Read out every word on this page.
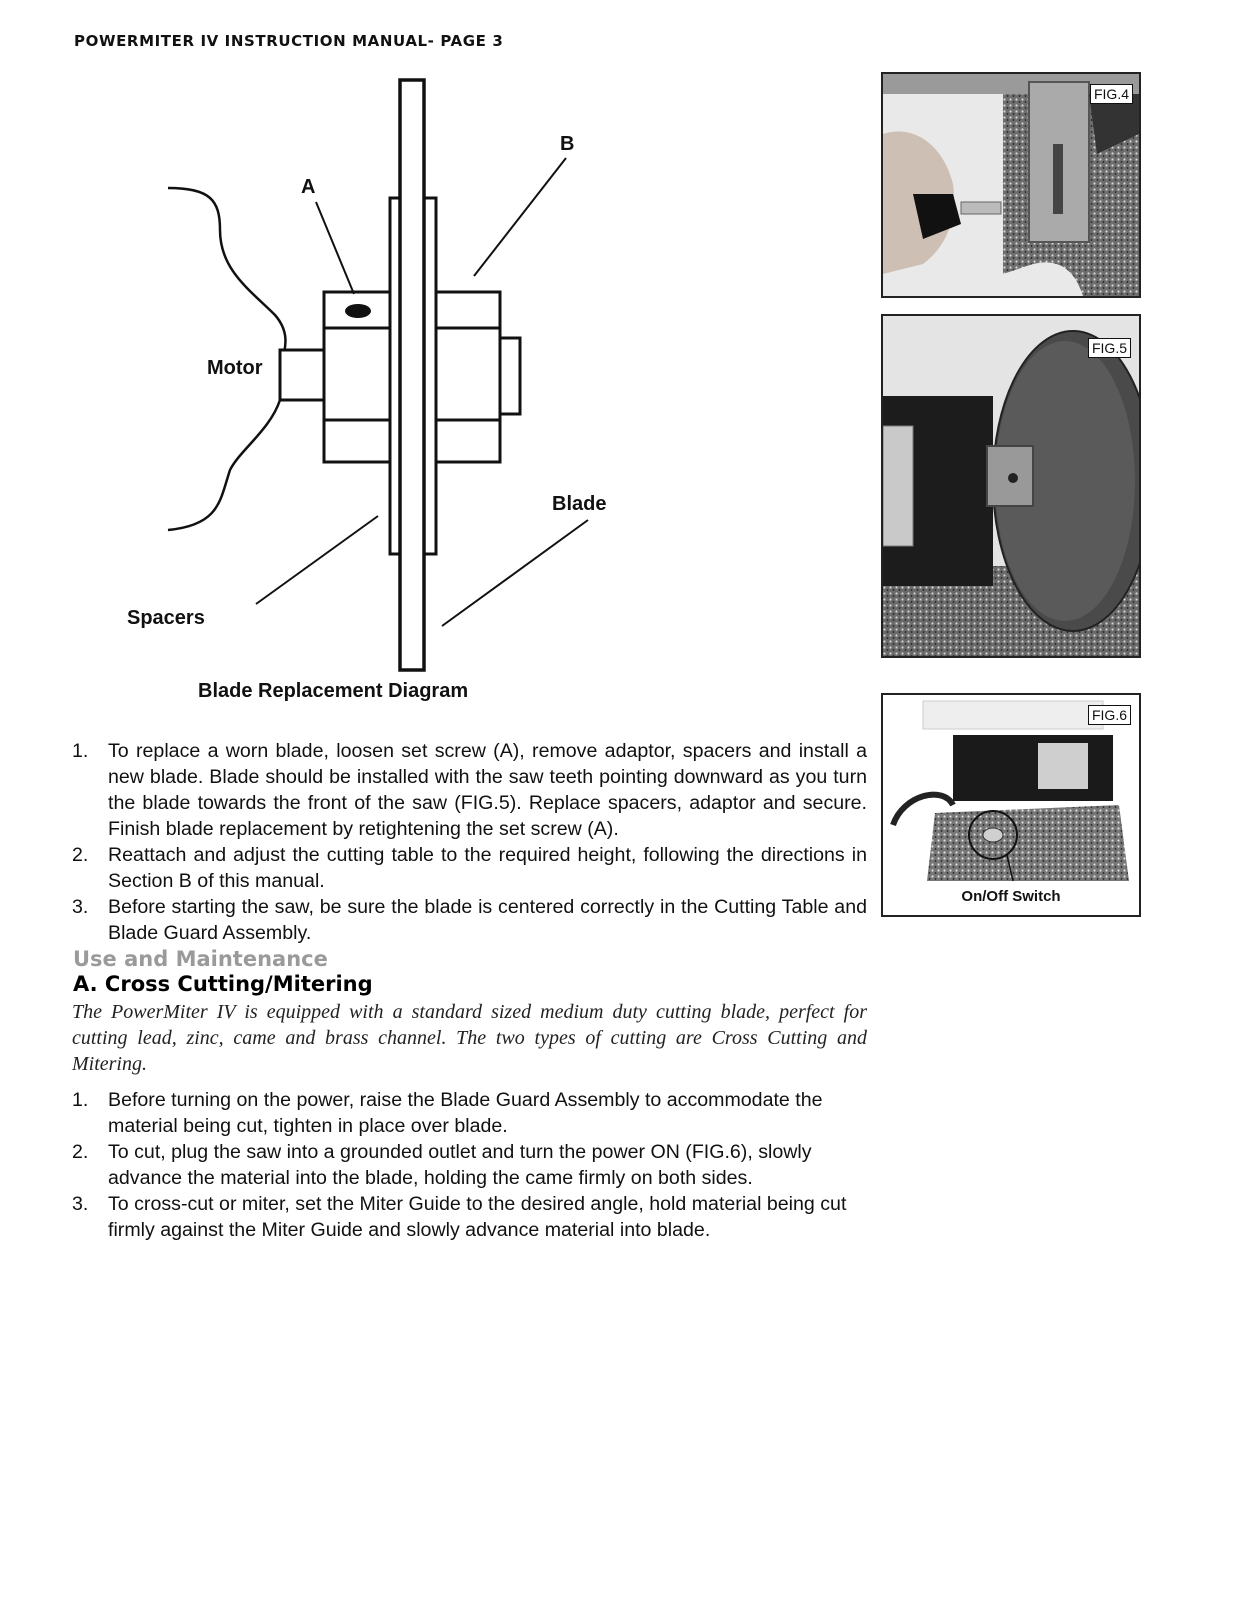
POWERMITER IV INSTRUCTION MANUAL- PAGE 3
A
B
Motor
Blade
Spacers
Blade Replacement Diagram
FIG.4
FIG.5
FIG.6
On/Off Switch
1. To replace a worn blade, loosen set screw (A), remove adaptor, spacers and install a new blade. Blade should be installed with the saw teeth pointing downward as you turn the blade towards the front of the saw (FIG.5). Replace spacers, adaptor and secure. Finish blade replacement by retightening the set screw (A).
2. Reattach and adjust the cutting table to the required height, following the directions in Section B of this manual.
3. Before starting the saw, be sure the blade is centered correctly in the Cutting Table and Blade Guard Assembly.
Use and Maintenance
A. Cross Cutting/Mitering
The PowerMiter IV is equipped with a standard sized medium duty cutting blade, perfect for cutting lead, zinc, came and brass channel. The two types of cutting are Cross Cutting and Mitering.
1. Before turning on the power, raise the Blade Guard Assembly to accommodate the material being cut, tighten in place over blade.
2. To cut, plug the saw into a grounded outlet and turn the power ON (FIG.6), slowly advance the material into the blade, holding the came firmly on both sides.
3. To cross-cut or miter, set the Miter Guide to the desired angle, hold material being cut firmly against the Miter Guide and slowly advance material into blade.
